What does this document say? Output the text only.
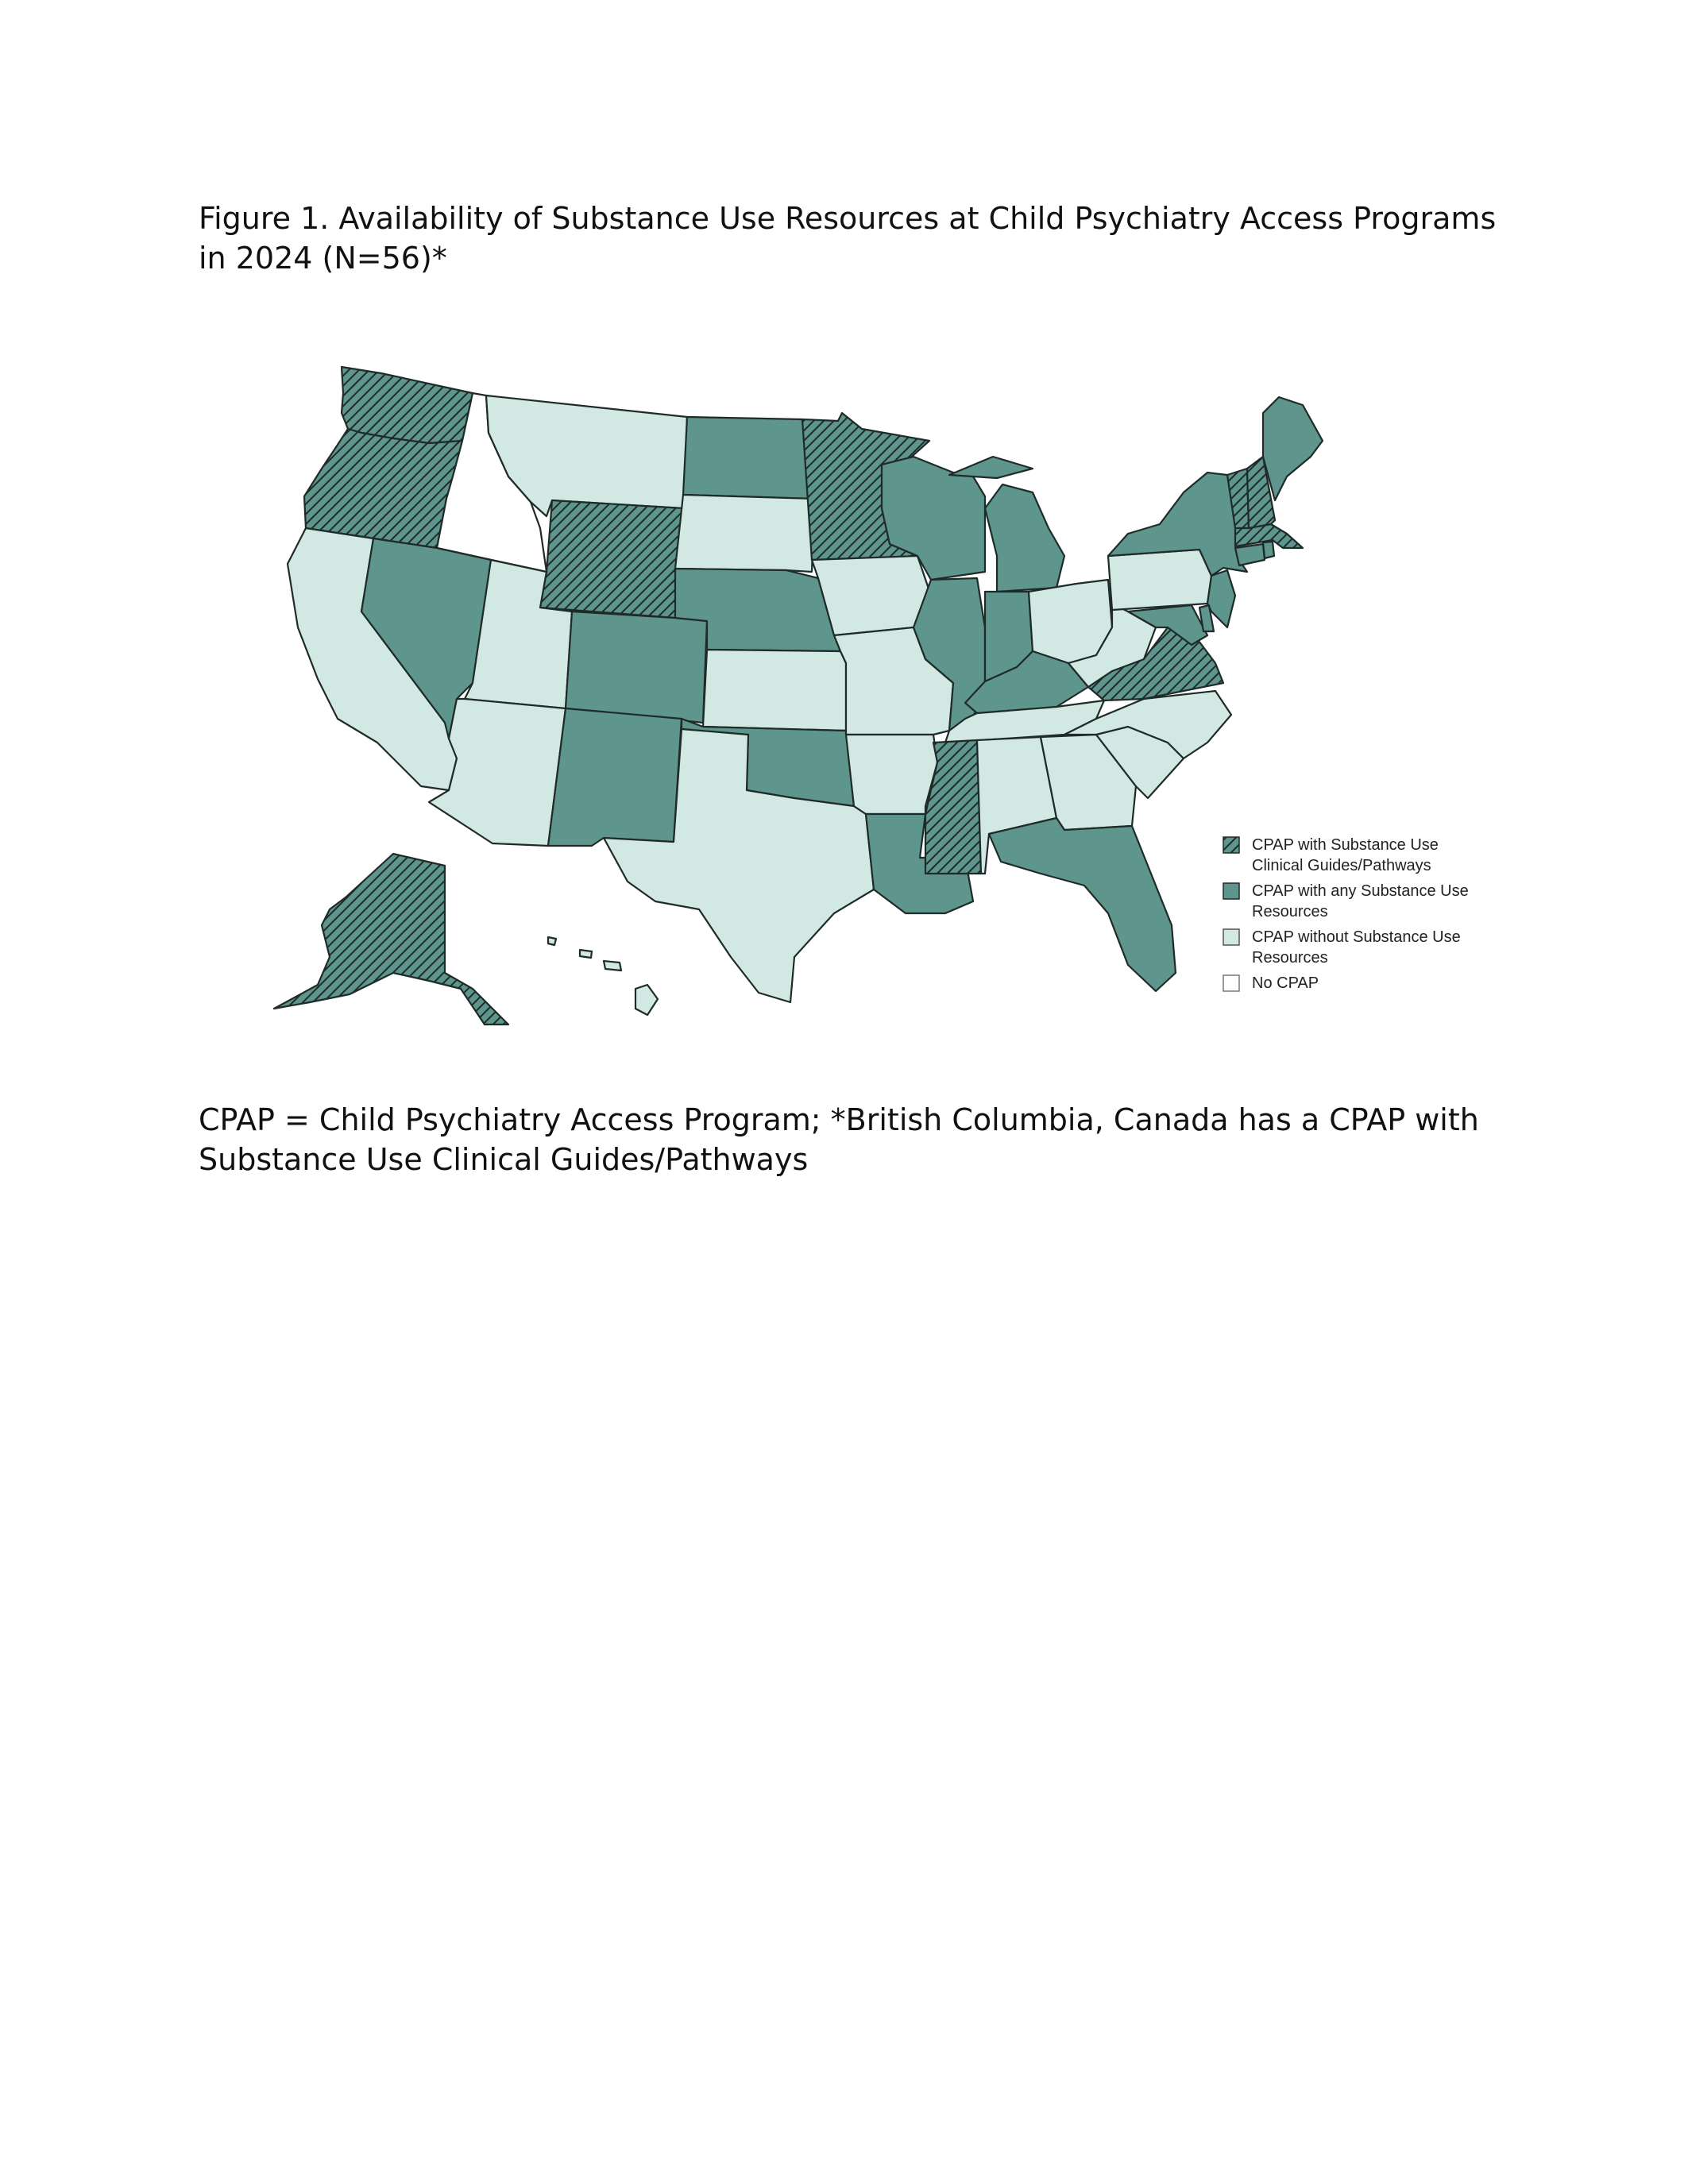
Figure 1. Availability of Substance Use Resources at Child Psychiatry Access Programs in 2024 (N=56)*
CPAP with Substance Use
Clinical Guides/Pathways
CPAP with any Substance Use
Resources
CPAP without Substance Use
Resources
No CPAP
CPAP = Child Psychiatry Access Program; *British Columbia, Canada has a CPAP with Substance Use Clinical Guides/Pathways
